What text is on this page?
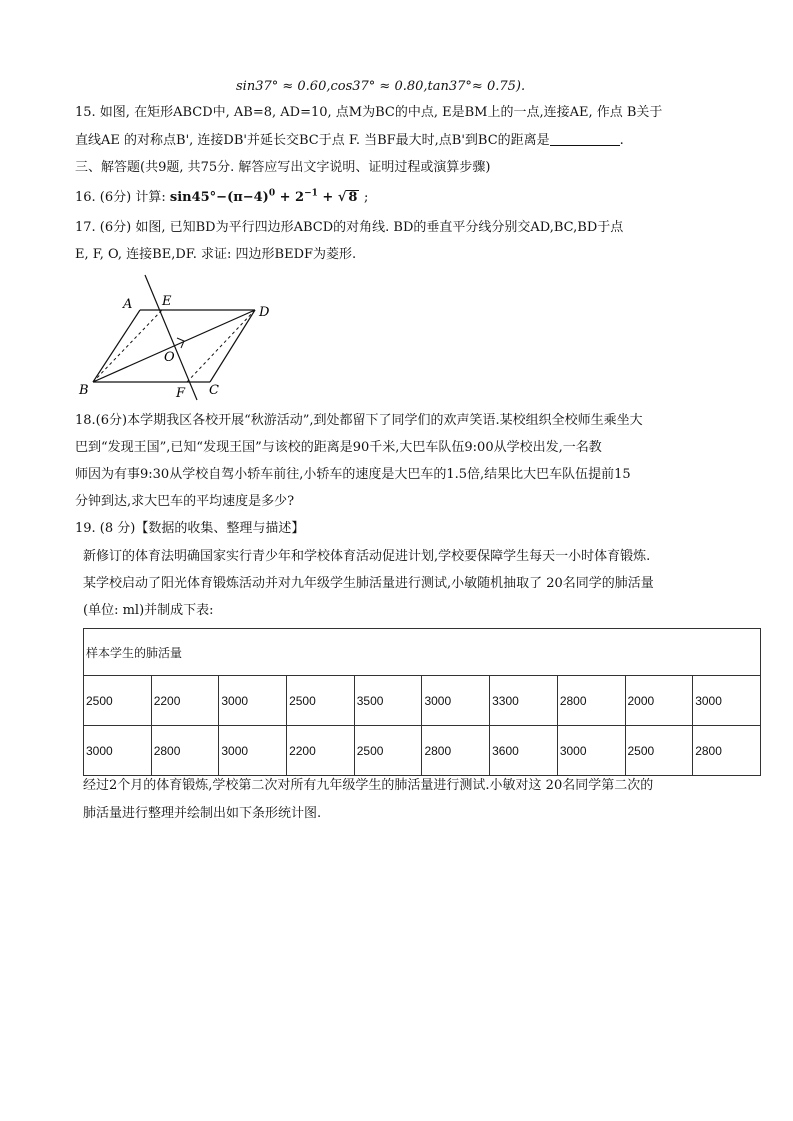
sin37° ≈ 0.60,cos37° ≈ 0.80,tan37°≈ 0.75).
15. 如图, 在矩形ABCD中, AB=8, AD=10, 点M为BC的中点, E是BM上的一点,连接AE, 作点 B关于
直线AE 的对称点B', 连接DB'并延长交BC于点 F. 当BF最大时,点B'到BC的距离是	.
三、解答题(共9题, 共75分. 解答应写出文字说明、证明过程或演算步骤)
16. (6分) 计算: $\sin 45^\circ-(\pi-4)^0 + 2^{-1}$ + √ 8 ;
17. (6分) 如图, 已知BD为平行四边形ABCD的对角线. BD的垂直平分线分别交AD,BC,BD于点
E, F, O, 连接BE,DF. 求证: 四边形BEDF为菱形.
A E
D
O
B	F C
18.(6分)本学期我区各校开展“秋游活动”,到处都留下了同学们的欢声笑语.某校组织全校师生乘坐大
巴到“发现王国”,已知“发现王国”与该校的距离是90千米,大巴车队伍9:00从学校出发,一名教
师因为有事9:30从学校自驾小轿车前往,小轿车的速度是大巴车的1.5倍,结果比大巴车队伍提前15
分钟到达,求大巴车的平均速度是多少?
19. (8 分)【数据的收集、整理与描述】
新修订的体育法明确国家实行青少年和学校体育活动促进计划,学校要保障学生每天一小时体育锻炼.
某学校启动了阳光体育锻炼活动并对九年级学生肺活量进行测试,小敏随机抽取了 20名同学的肺活量
(单位: ml)并制成下表:
样本学生的肺活量									
2500	2200	3000	2500	3500	3000	3300	2800	2000	3000
3000	2800	3000	2200	2500	2800	3600	3000	2500	2800
经过2个月的体育锻炼,学校第二次对所有九年级学生的肺活量进行测试.小敏对这 20名同学第二次的
肺活量进行整理并绘制出如下条形统计图.
